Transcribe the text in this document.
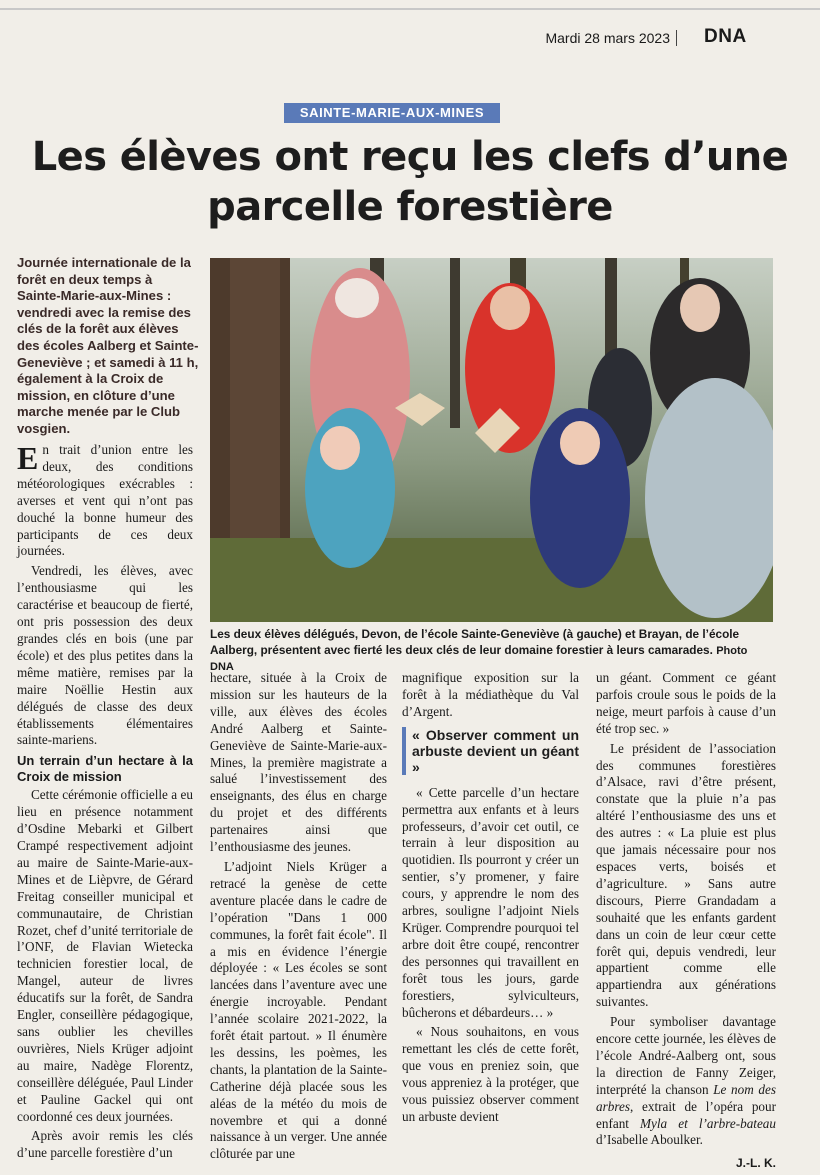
Mardi 28 mars 2023 DNA
SAINTE-MARIE-AUX-MINES
Les élèves ont reçu les clefs d’une parcelle forestière

Journée internationale de la forêt en deux temps à Sainte-Marie-aux-Mines : vendredi avec la remise des clés de la forêt aux élèves des écoles Aalberg et Sainte-Geneviève ; et samedi à 11 h, également à la Croix de mission, en clôture d’une marche menée par le Club vosgien.

En trait d’union entre les deux, des conditions météorologiques exécrables : averses et vent qui n’ont pas douché la bonne humeur des participants de ces deux journées.

Vendredi, les élèves, avec l’enthousiasme qui les caractérise et beaucoup de fierté, ont pris possession des deux grandes clés en bois (une par école) et des plus petites dans la même matière, remises par la maire Noëllie Hestin aux délégués de classe des deux établissements élémentaires sainte-mariens.

Un terrain d’un hectare à la Croix de mission

Cette cérémonie officielle a eu lieu en présence notamment d’Osdine Mebarki et Gilbert Crampé respectivement adjoint au maire de Sainte-Marie-aux-Mines et de Lièpvre, de Gérard Freitag conseiller municipal et communautaire, de Christian Rozet, chef d’unité territoriale de l’ONF, de Flavian Wietecka technicien forestier local, de Mangel, auteur de livres éducatifs sur la forêt, de Sandra Engler, conseillère pédagogique, sans oublier les chevilles ouvrières, Niels Krüger adjoint au maire, Nadège Florentz, conseillère déléguée, Paul Linder et Pauline Gackel qui ont coordonné ces deux journées.

Après avoir remis les clés d’une parcelle forestière d’un

Les deux élèves délégués, Devon, de l’école Sainte-Geneviève (à gauche) et Brayan, de l’école Aalberg, présentent avec fierté les deux clés de leur domaine forestier à leurs camarades. Photo DNA

hectare, située à la Croix de mission sur les hauteurs de la ville, aux élèves des écoles André Aalberg et Sainte-Geneviève de Sainte-Marie-aux-Mines, la première magistrate a salué l’investissement des enseignants, des élus en charge du projet et des différents partenaires ainsi que l’enthousiasme des jeunes.

L’adjoint Niels Krüger a retracé la genèse de cette aventure placée dans le cadre de l’opération "Dans 1 000 communes, la forêt fait école". Il a mis en évidence l’énergie déployée : « Les écoles se sont lancées dans l’aventure avec une énergie incroyable. Pendant l’année scolaire 2021-2022, la forêt était partout. » Il énumère les dessins, les poèmes, les chants, la plantation de la Sainte-Catherine déjà placée sous les aléas de la météo du mois de novembre et qui a donné naissance à un verger. Une année clôturée par une

magnifique exposition sur la forêt à la médiathèque du Val d’Argent.

« Observer comment un arbuste devient un géant »

« Cette parcelle d’un hectare permettra aux enfants et à leurs professeurs, d’avoir cet outil, ce terrain à leur disposition au quotidien. Ils pourront y créer un sentier, s’y promener, y faire cours, y apprendre le nom des arbres, souligne l’adjoint Niels Krüger. Comprendre pourquoi tel arbre doit être coupé, rencontrer des personnes qui travaillent en forêt tous les jours, garde forestiers, sylviculteurs, bûcherons et débardeurs… »

« Nous souhaitons, en vous remettant les clés de cette forêt, que vous en preniez soin, que vous appreniez à la protéger, que vous puissiez observer comment un arbuste devient

un géant. Comment ce géant parfois croule sous le poids de la neige, meurt parfois à cause d’un été trop sec. »

Le président de l’association des communes forestières d’Alsace, ravi d’être présent, constate que la pluie n’a pas altéré l’enthousiasme des uns et des autres : « La pluie est plus que jamais nécessaire pour nos espaces verts, boisés et d’agriculture. » Sans autre discours, Pierre Grandadam a souhaité que les enfants gardent dans un coin de leur cœur cette forêt qui, depuis vendredi, leur appartient comme elle appartiendra aux générations suivantes.

Pour symboliser davantage encore cette journée, les élèves de l’école André-Aalberg ont, sous la direction de Fanny Zeiger, interprété la chanson Le nom des arbres, extrait de l’opéra pour enfant Myla et l’arbre-bateau d’Isabelle Aboulker.

J.-L. K.
